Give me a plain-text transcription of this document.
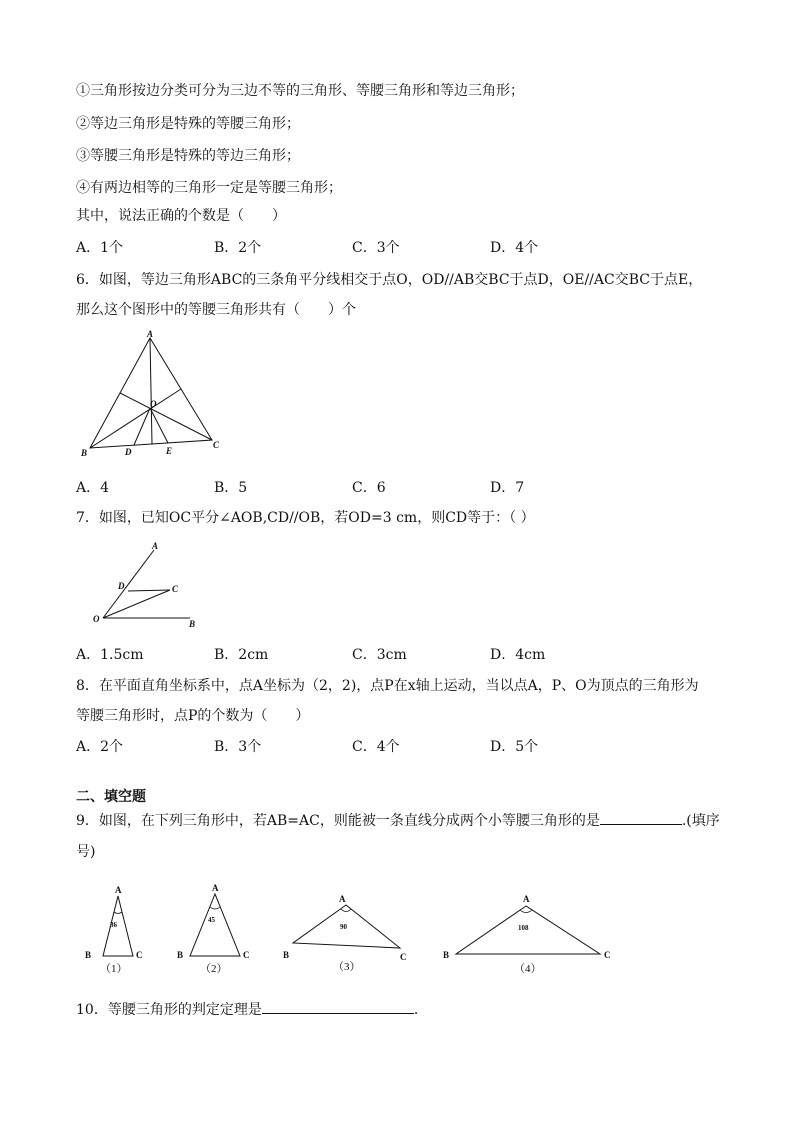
①三角形按边分类可分为三边不等的三角形、等腰三角形和等边三角形；
②等边三角形是特殊的等腰三角形；
③等腰三角形是特殊的等边三角形；
④有两边相等的三角形一定是等腰三角形；
其中，说法正确的个数是（　　）
A．1个	B．2个	C．3个	D．4个
6．如图，等边三角形ABC的三条角平分线相交于点O，OD//AB交BC于点D，OE//AC交BC于点E，
那么这个图形中的等腰三角形共有（　　）个
A
O
B	D	E
C
A．4	B．5	C．6	D．7
7．如图，已知OC平分∠AOB,CD//OB，若OD=3 cm，则CD等于：（ ）
A
D	C
O	B
A．1.5cm	B．2cm	C．3cm	D．4cm
8．在平面直角坐标系中，点A坐标为（2，2)，点P在x轴上运动，当以点A，P、O为顶点的三角形为
等腰三角形时，点P的个数为（　　）
A．2个	B．3个	C．4个	D．5个
二、填空题
9．如图，在下列三角形中，若AB=AC，则能被一条直线分成两个小等腰三角形的是	.(填序
号)
A
36
B	C
（1）
A
45
B	C
（2）
A
90
B	C
（3）
A
108
B	C
（4）
10．等腰三角形的判定定理是	．
